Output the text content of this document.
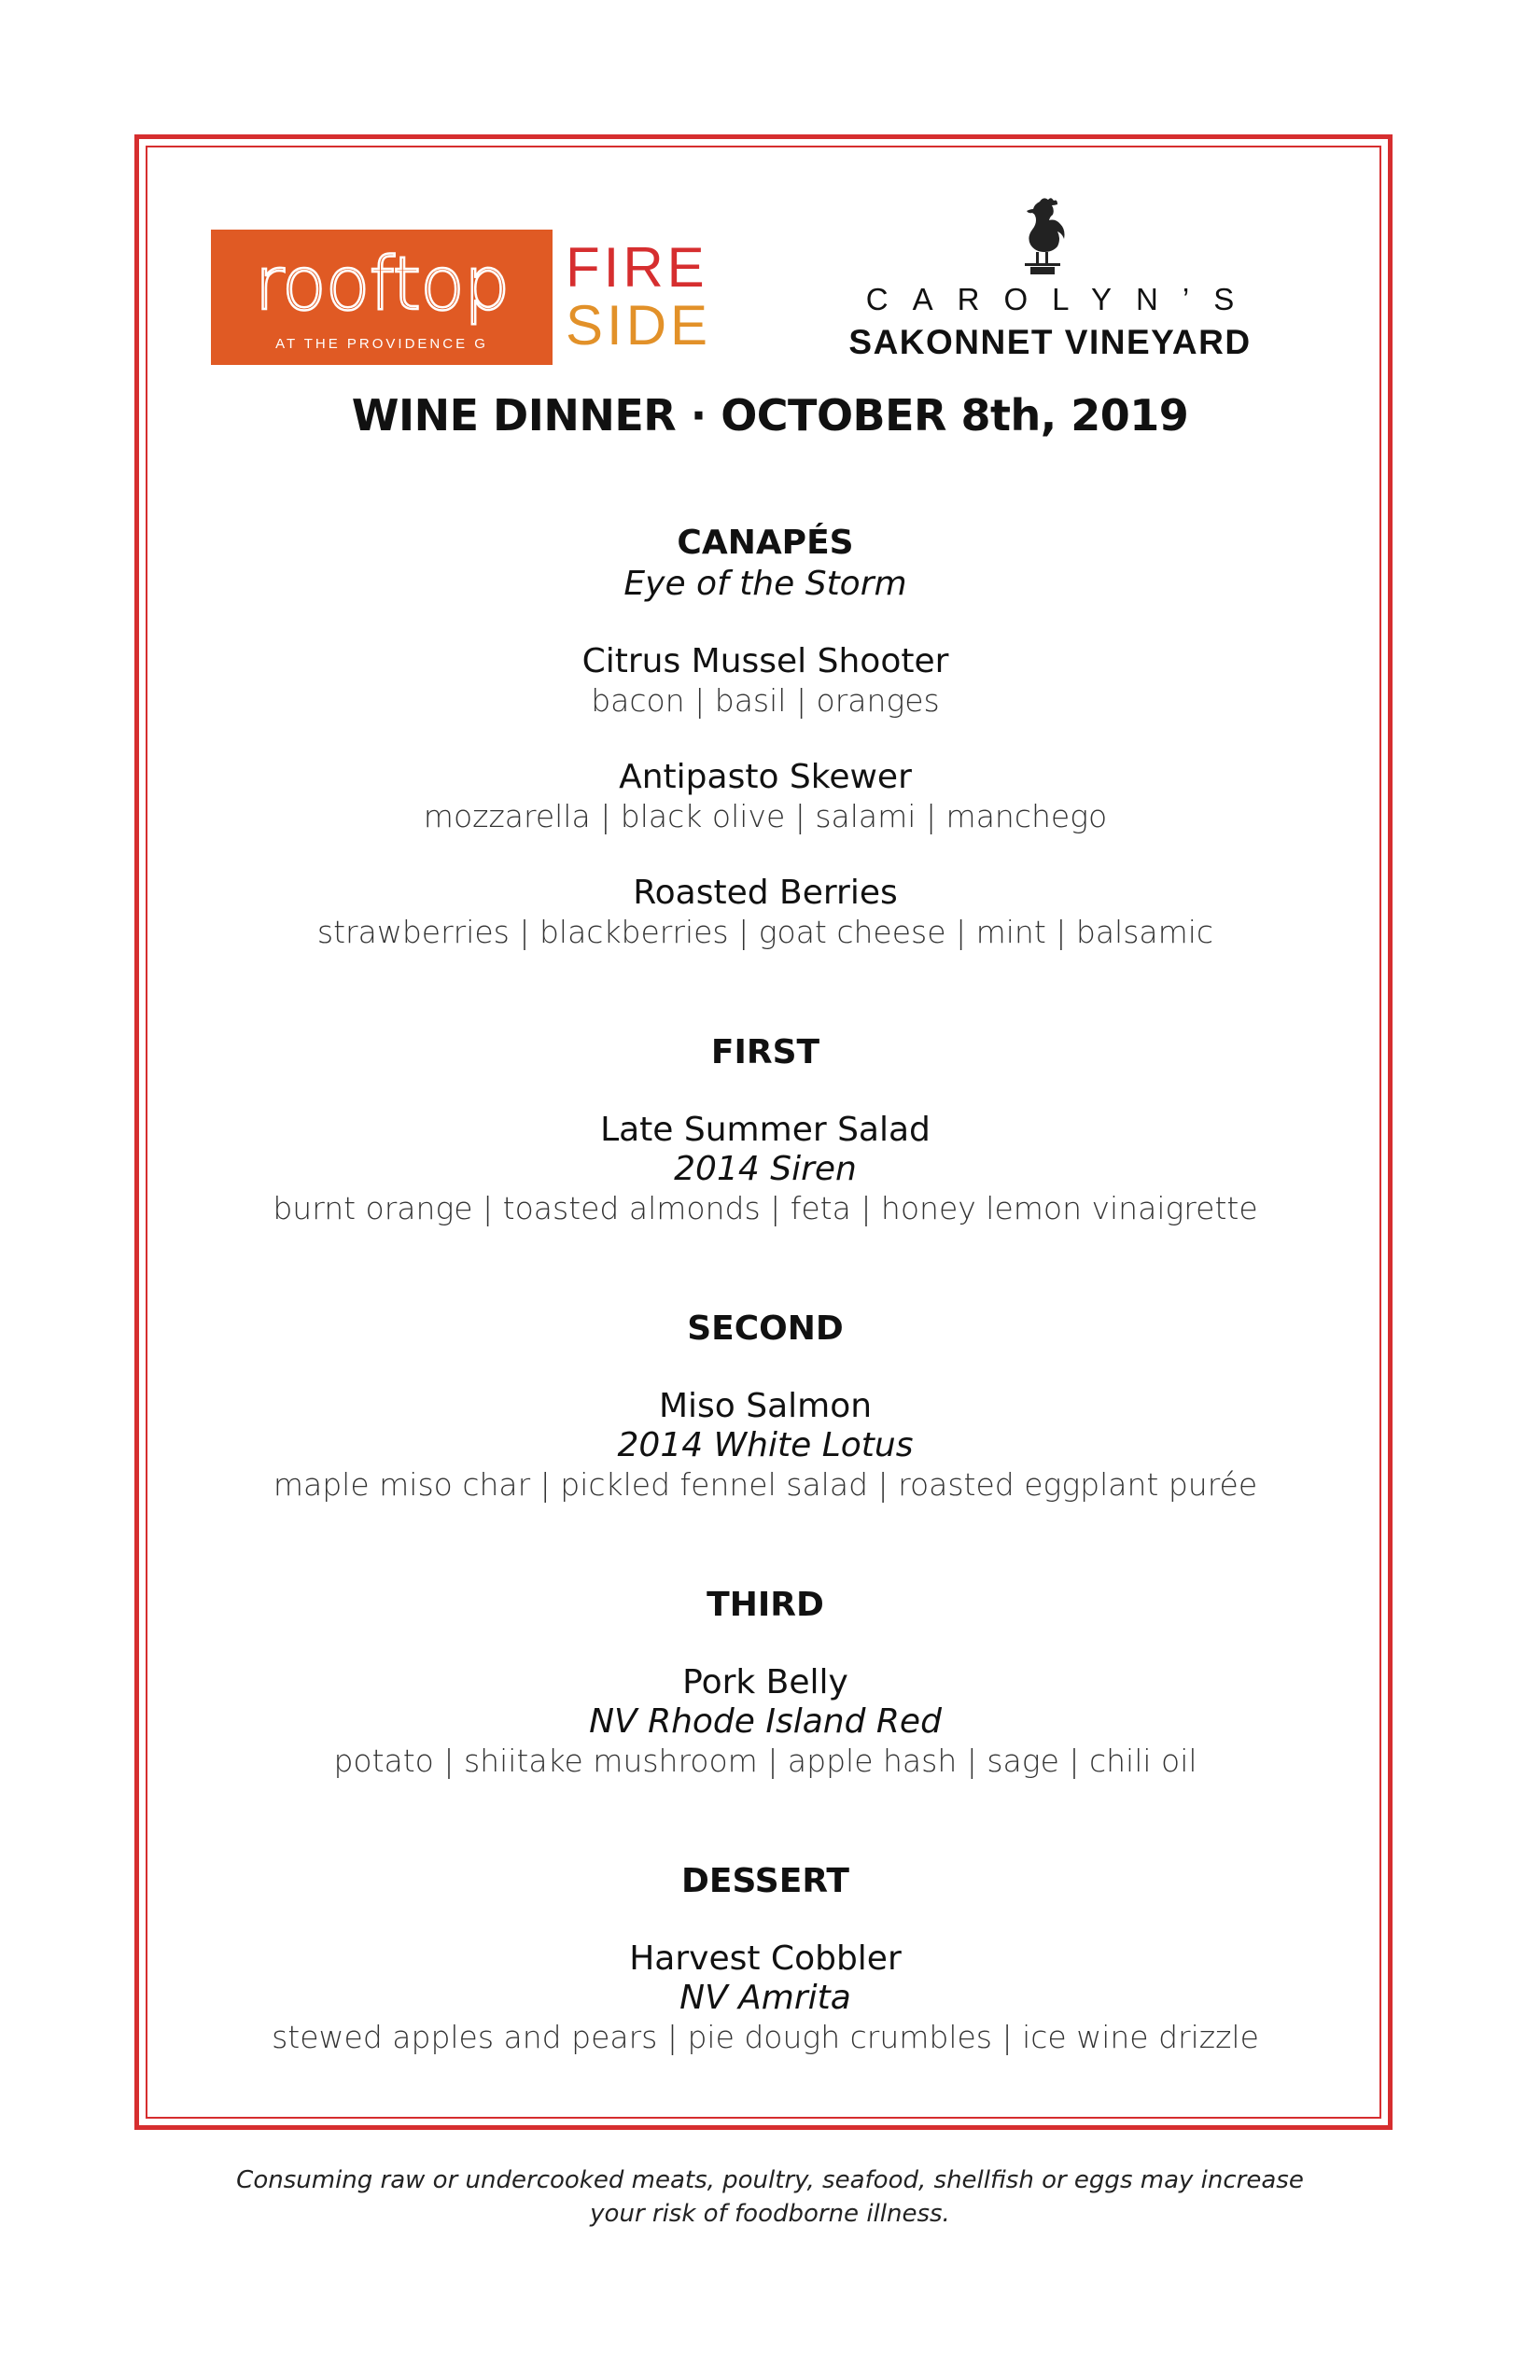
rooftop
AT THE PROVIDENCE G
FIRE
SIDE	CAROLYN’S
SAKONNET VINEYARD
WINE DINNER · OCTOBER 8th, 2019
CANAPÉS
Eye of the Storm
Citrus Mussel Shooter
bacon | basil | oranges
Antipasto Skewer
mozzarella | black olive | salami | manchego
Roasted Berries
strawberries | blackberries | goat cheese | mint | balsamic
FIRST
Late Summer Salad
2014 Siren
burnt orange | toasted almonds | feta | honey lemon vinaigrette
SECOND
Miso Salmon
2014 White Lotus
maple miso char | pickled fennel salad | roasted eggplant purée
THIRD
Pork Belly
NV Rhode Island Red
potato | shiitake mushroom | apple hash | sage | chili oil
DESSERT
Harvest Cobbler
NV Amrita
stewed apples and pears | pie dough crumbles | ice wine drizzle
Consuming raw or undercooked meats, poultry, seafood, shellfish or eggs may increase
your risk of foodborne illness.
